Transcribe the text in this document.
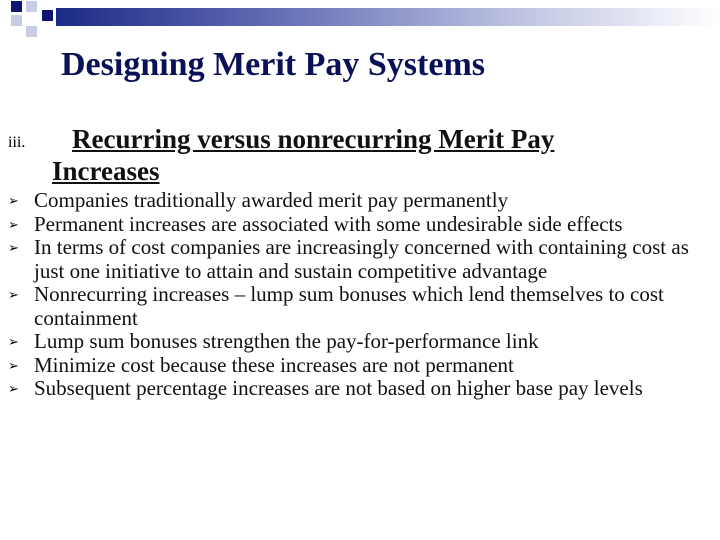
Designing Merit Pay Systems
iii.	Recurring versus nonrecurring Merit Pay
Increases
➢ Companies traditionally awarded merit pay permanently
➢ Permanent increases are associated with some undesirable side effects
➢ In terms of cost companies are increasingly concerned with containing cost as just one initiative to attain and sustain competitive advantage
➢ Nonrecurring increases – lump sum bonuses which lend themselves to cost containment
➢ Lump sum bonuses strengthen the pay-for-performance link
➢ Minimize cost because these increases are not permanent
➢ Subsequent percentage increases are not based on higher base pay levels
